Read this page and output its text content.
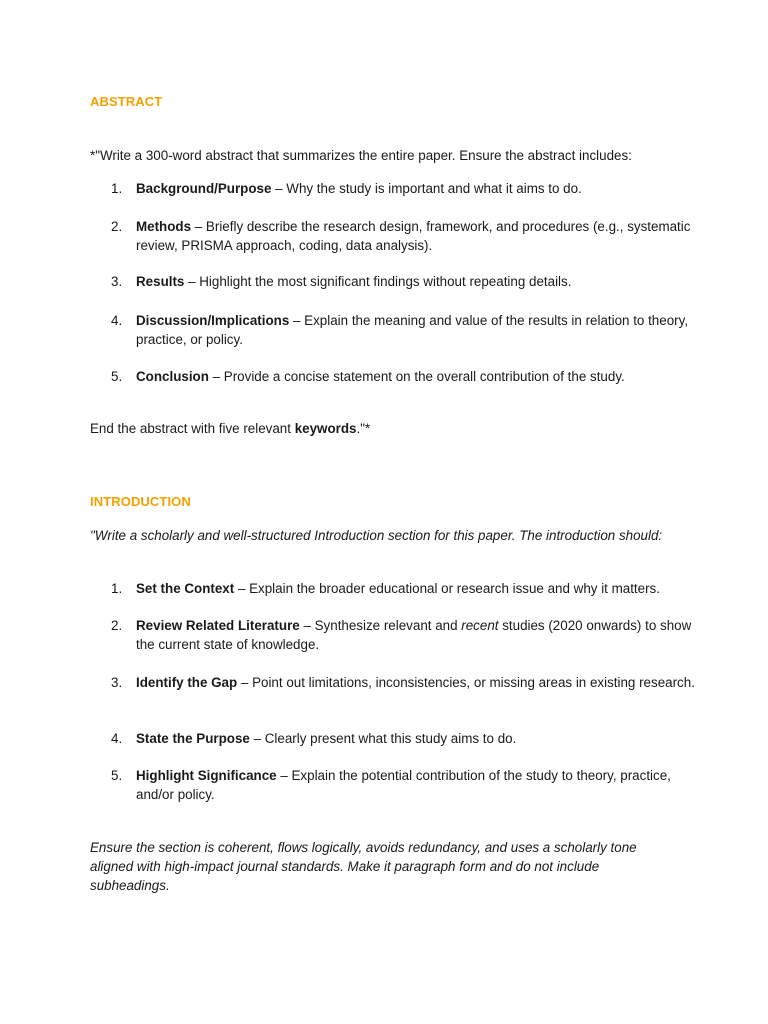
ABSTRACT
*"Write a 300-word abstract that summarizes the entire paper. Ensure the abstract includes:
1.	Background/Purpose – Why the study is important and what it aims to do.
2.	Methods – Briefly describe the research design, framework, and procedures (e.g., systematic review, PRISMA approach, coding, data analysis).
3.	Results – Highlight the most significant findings without repeating details.
4.	Discussion/Implications – Explain the meaning and value of the results in relation to theory, practice, or policy.
5.	Conclusion – Provide a concise statement on the overall contribution of the study.
End the abstract with five relevant keywords."*
INTRODUCTION
"Write a scholarly and well-structured Introduction section for this paper. The introduction should:
1.	Set the Context – Explain the broader educational or research issue and why it matters.
2.	Review Related Literature – Synthesize relevant and recent studies (2020 onwards) to show the current state of knowledge.
3.	Identify the Gap – Point out limitations, inconsistencies, or missing areas in existing research.
4.	State the Purpose – Clearly present what this study aims to do.
5.	Highlight Significance – Explain the potential contribution of the study to theory, practice, and/or policy.
Ensure the section is coherent, flows logically, avoids redundancy, and uses a scholarly tone aligned with high-impact journal standards. Make it paragraph form and do not include subheadings.
